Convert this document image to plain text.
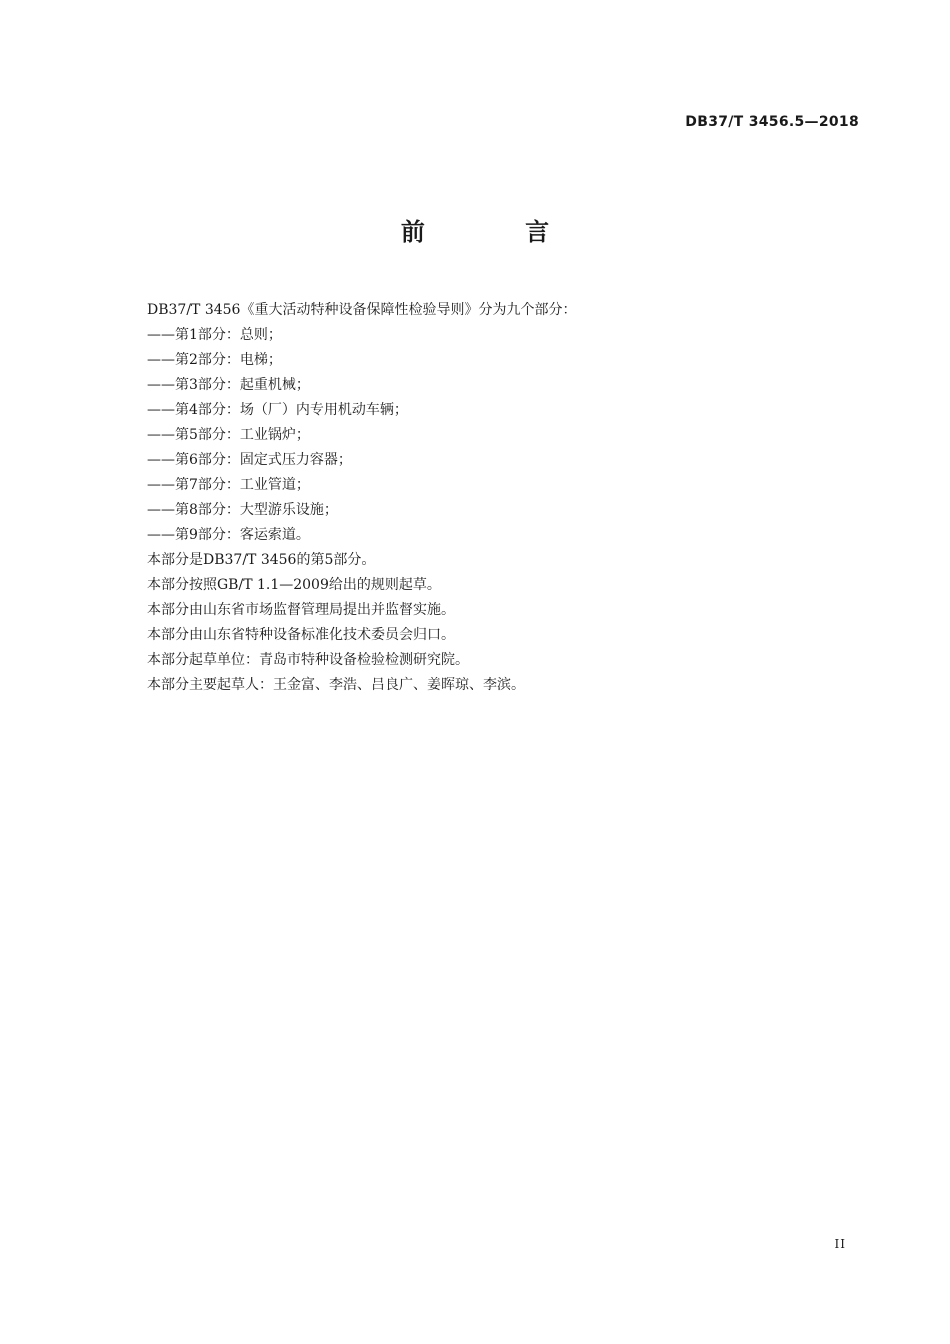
DB37/T 3456.5—2018
前 言
DB37/T 3456《重大活动特种设备保障性检验导则》分为九个部分：
——第1部分：总则；
——第2部分：电梯；
——第3部分：起重机械；
——第4部分：场（厂）内专用机动车辆；
——第5部分：工业锅炉；
——第6部分：固定式压力容器；
——第7部分：工业管道；
——第8部分：大型游乐设施；
——第9部分：客运索道。
本部分是DB37/T 3456的第5部分。
本部分按照GB/T 1.1—2009给出的规则起草。
本部分由山东省市场监督管理局提出并监督实施。
本部分由山东省特种设备标准化技术委员会归口。
本部分起草单位：青岛市特种设备检验检测研究院。
本部分主要起草人：王金富、李浩、吕良广、姜晖琼、李滨。
II
